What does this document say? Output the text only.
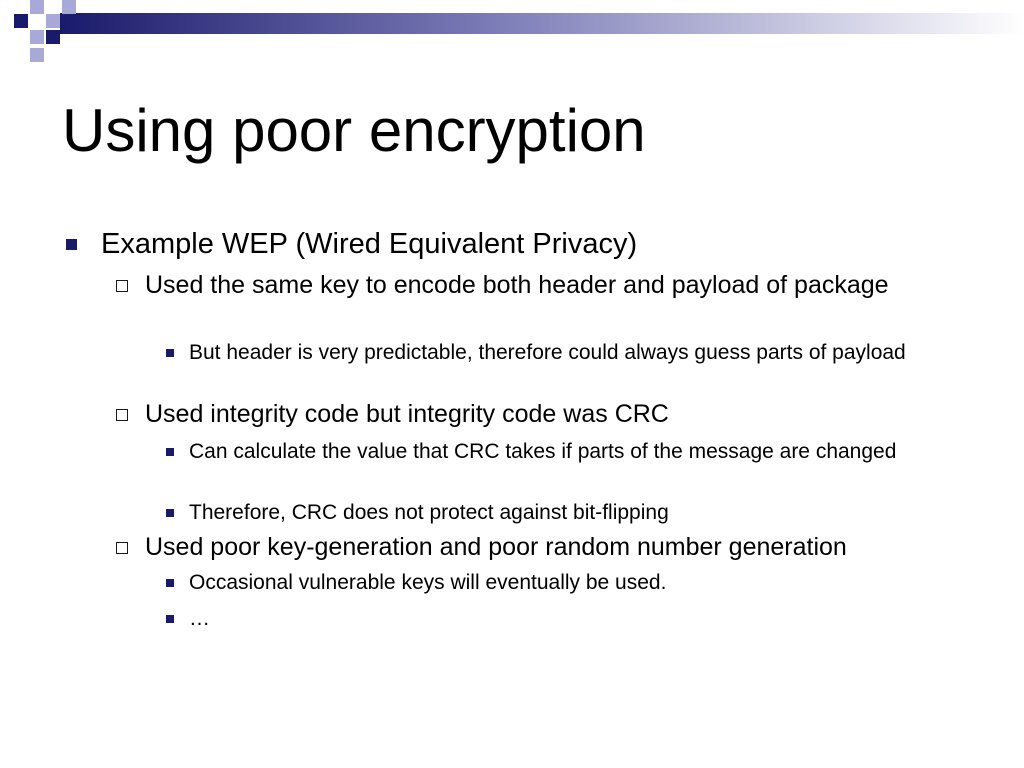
Using poor encryption
Example WEP (Wired Equivalent Privacy)
Used the same key to encode both header and payload of package
But header is very predictable, therefore could always guess parts of payload
Used integrity code but integrity code was CRC
Can calculate the value that CRC takes if parts of the message are changed
Therefore, CRC does not protect against bit-flipping
Used poor key-generation and poor random number generation
Occasional vulnerable keys will eventually be used.
…
